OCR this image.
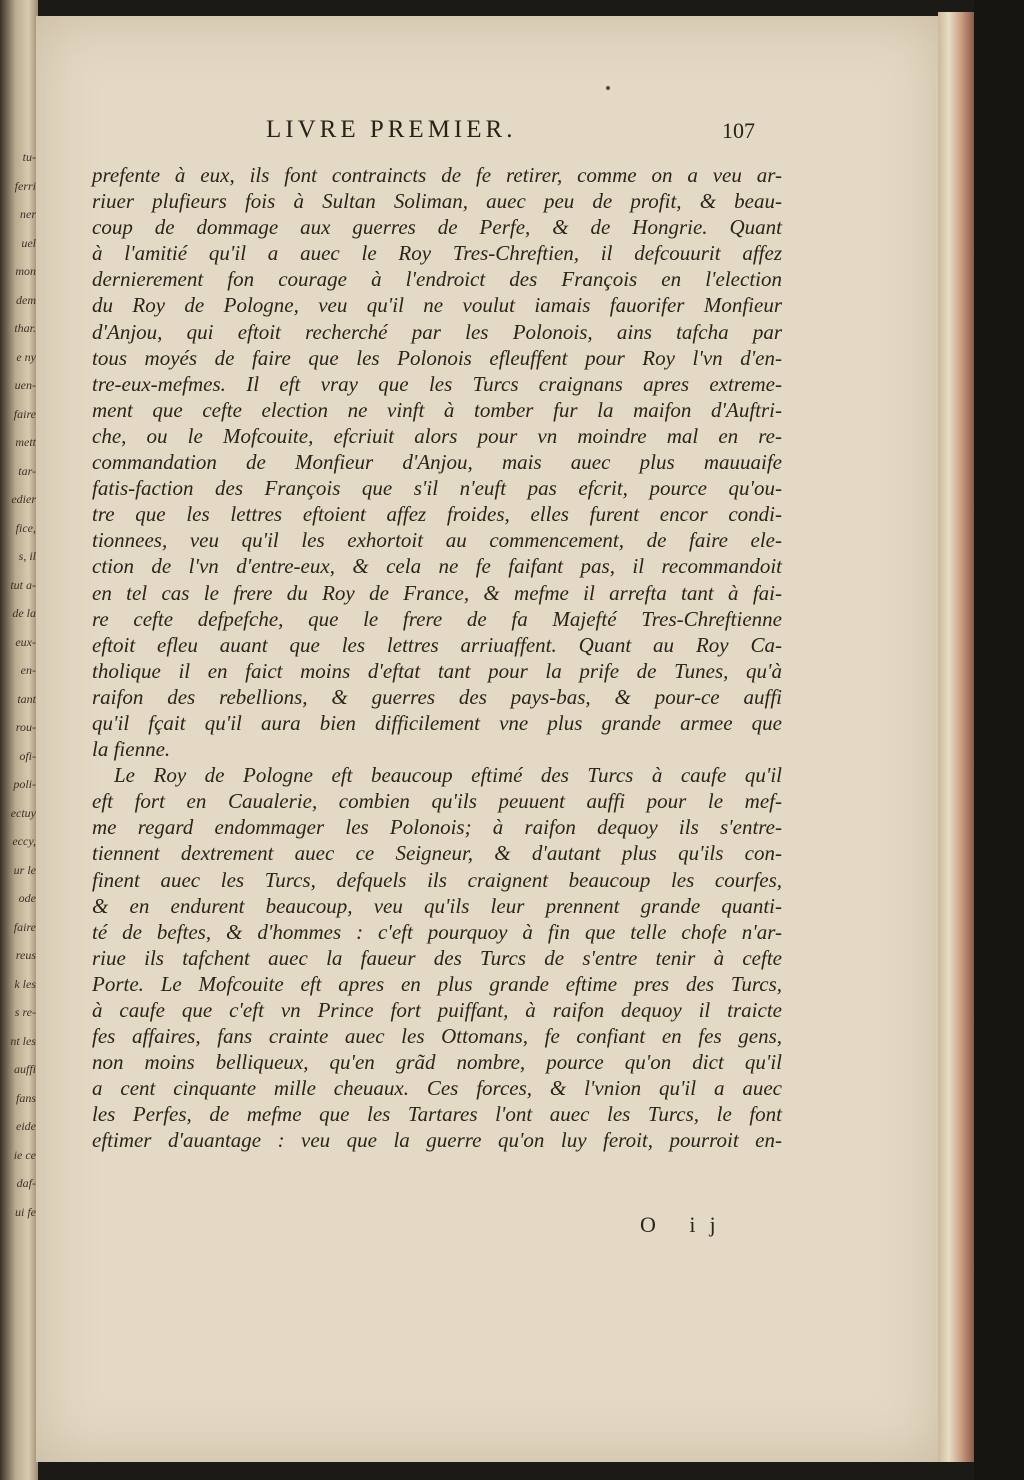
tu-
ferri
ner
uel
mon
dem
thar.
e ny
uen-
faire
mett
tar-
edier
fice,
s, il
tut a-
de la
eux-
en-
tant
rou-
ofi-
poli-
ectuy
eccy,
ur le
ode
faire
reus
k les
s re-
nt les
auffi
fans
eide
ie ce
daf-
ui fe
LIVRE PREMIER.	107
prefente à eux, ils font contraincts de fe retirer, comme on a veu ar-
riuer plufieurs fois à Sultan Soliman, auec peu de profit, & beau-
coup de dommage aux guerres de Perfe, & de Hongrie. Quant
à l'amitié qu'il a auec le Roy Tres-Chreftien, il defcouurit affez
dernierement fon courage à l'endroict des François en l'election
du Roy de Pologne, veu qu'il ne voulut iamais fauorifer Monfieur
d'Anjou, qui eftoit recherché par les Polonois, ains tafcha par
tous moyés de faire que les Polonois efleuffent pour Roy l'vn d'en-
tre-eux-mefmes. Il eft vray que les Turcs craignans apres extreme-
ment que cefte election ne vinft à tomber fur la maifon d'Auftri-
che, ou le Mofcouite, efcriuit alors pour vn moindre mal en re-
commandation de Monfieur d'Anjou, mais auec plus mauuaife
fatis-faction des François que s'il n'euft pas efcrit, pource qu'ou-
tre que les lettres eftoient affez froides, elles furent encor condi-
tionnees, veu qu'il les exhortoit au commencement, de faire ele-
ction de l'vn d'entre-eux, & cela ne fe faifant pas, il recommandoit
en tel cas le frere du Roy de France, & mefme il arrefta tant à fai-
re cefte defpefche, que le frere de fa Majefté Tres-Chreftienne
eftoit efleu auant que les lettres arriuaffent. Quant au Roy Ca-
tholique il en faict moins d'eftat tant pour la prife de Tunes, qu'à
raifon des rebellions, & guerres des pays-bas, & pour-ce auffi
qu'il fçait qu'il aura bien difficilement vne plus grande armee que
la fienne.
Le Roy de Pologne eft beaucoup eftimé des Turcs à caufe qu'il
eft fort en Caualerie, combien qu'ils peuuent auffi pour le mef-
me regard endommager les Polonois; à raifon dequoy ils s'entre-
tiennent dextrement auec ce Seigneur, & d'autant plus qu'ils con-
finent auec les Turcs, defquels ils craignent beaucoup les courfes,
& en endurent beaucoup, veu qu'ils leur prennent grande quanti-
té de beftes, & d'hommes : c'eft pourquoy à fin que telle chofe n'ar-
riue ils tafchent auec la faueur des Turcs de s'entre tenir à cefte
Porte. Le Mofcouite eft apres en plus grande eftime pres des Turcs,
à caufe que c'eft vn Prince fort puiffant, à raifon dequoy il traicte
fes affaires, fans crainte auec les Ottomans, fe confiant en fes gens,
non moins belliqueux, qu'en grãd nombre, pource qu'on dict qu'il
a cent cinquante mille cheuaux. Ces forces, & l'vnion qu'il a auec
les Perfes, de mefme que les Tartares l'ont auec les Turcs, le font
eftimer d'auantage : veu que la guerre qu'on luy feroit, pourroit en-
O ij
